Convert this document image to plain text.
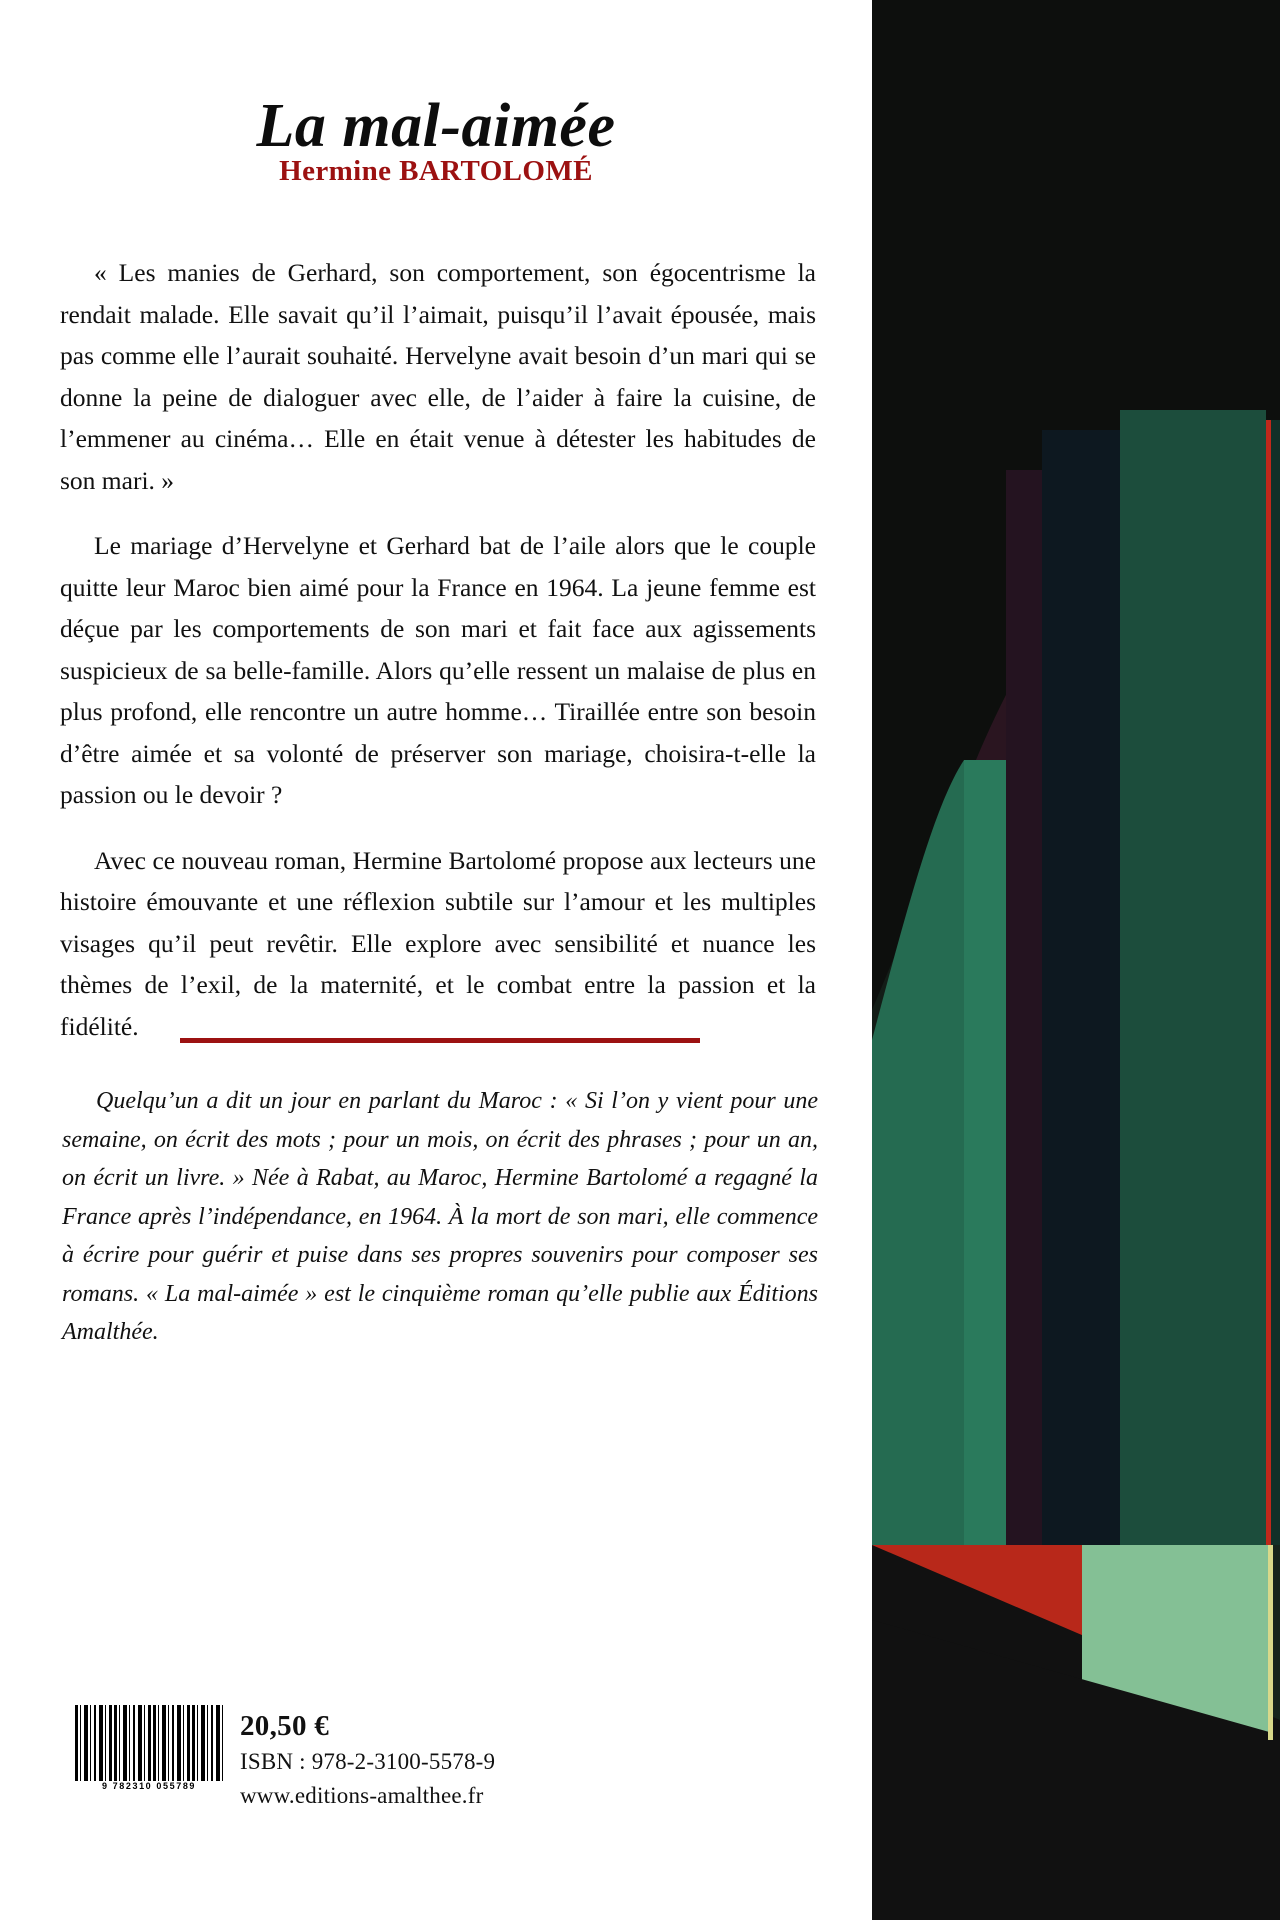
La mal-aimée
Hermine BARTOLOMÉ

« Les manies de Gerhard, son comportement, son égocentrisme la rendait malade. Elle savait qu’il l’aimait, puisqu’il l’avait épousée, mais pas comme elle l’aurait souhaité. Hervelyne avait besoin d’un mari qui se donne la peine de dialoguer avec elle, de l’aider à faire la cuisine, de l’emmener au cinéma… Elle en était venue à détester les habitudes de son mari. »

Le mariage d’Hervelyne et Gerhard bat de l’aile alors que le couple quitte leur Maroc bien aimé pour la France en 1964. La jeune femme est déçue par les comportements de son mari et fait face aux agissements suspicieux de sa belle-famille. Alors qu’elle ressent un malaise de plus en plus profond, elle rencontre un autre homme… Tiraillée entre son besoin d’être aimée et sa volonté de préserver son mariage, choisira-t-elle la passion ou le devoir ?

Avec ce nouveau roman, Hermine Bartolomé propose aux lecteurs une histoire émouvante et une réflexion subtile sur l’amour et les multiples visages qu’il peut revêtir. Elle explore avec sensibilité et nuance les thèmes de l’exil, de la maternité, et le combat entre la passion et la fidélité.

Quelqu’un a dit un jour en parlant du Maroc : « Si l’on y vient pour une semaine, on écrit des mots ; pour un mois, on écrit des phrases ; pour un an, on écrit un livre. » Née à Rabat, au Maroc, Hermine Bartolomé a regagné la France après l’indépendance, en 1964. À la mort de son mari, elle commence à écrire pour guérir et puise dans ses propres souvenirs pour composer ses romans. « La mal-aimée » est le cinquième roman qu’elle publie aux Éditions Amalthée.

9 782310 055789
20,50 €
ISBN : 978-2-3100-5578-9
www.editions-amalthee.fr
